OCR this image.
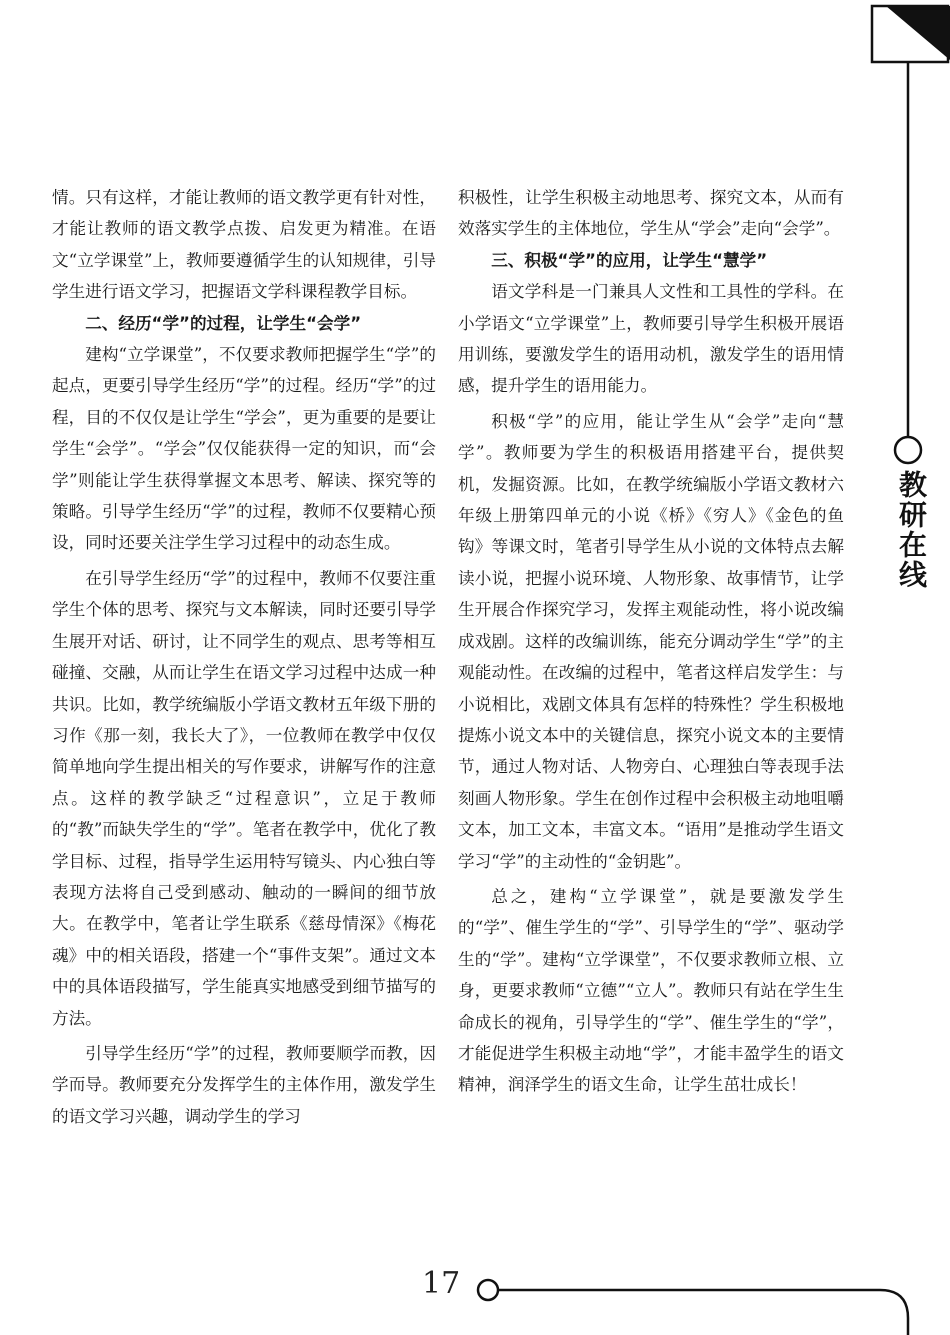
教研在线

情。只有这样，才能让教师的语文教学更有针对性，才能让教师的语文教学点拨、启发更为精准。在语文“立学课堂”上，教师要遵循学生的认知规律，引导学生进行语文学习，把握语文学科课程教学目标。

二、经历“学”的过程，让学生“会学”

建构“立学课堂”，不仅要求教师把握学生“学”的起点，更要引导学生经历“学”的过程。经历“学”的过程，目的不仅仅是让学生“学会”，更为重要的是要让学生“会学”。“学会”仅仅能获得一定的知识，而“会学”则能让学生获得掌握文本思考、解读、探究等的策略。引导学生经历“学”的过程，教师不仅要精心预设，同时还要关注学生学习过程中的动态生成。

在引导学生经历“学”的过程中，教师不仅要注重学生个体的思考、探究与文本解读，同时还要引导学生展开对话、研讨，让不同学生的观点、思考等相互碰撞、交融，从而让学生在语文学习过程中达成一种共识。比如，教学统编版小学语文教材五年级下册的习作《那一刻，我长大了》，一位教师在教学中仅仅简单地向学生提出相关的写作要求，讲解写作的注意点。这样的教学缺乏“过程意识”，立足于教师的“教”而缺失学生的“学”。笔者在教学中，优化了教学目标、过程，指导学生运用特写镜头、内心独白等表现方法将自己受到感动、触动的一瞬间的细节放大。在教学中，笔者让学生联系《慈母情深》《梅花魂》中的相关语段，搭建一个“事件支架”。通过文本中的具体语段描写，学生能真实地感受到细节描写的方法。

引导学生经历“学”的过程，教师要顺学而教，因学而导。教师要充分发挥学生的主体作用，激发学生的语文学习兴趣，调动学生的学习

积极性，让学生积极主动地思考、探究文本，从而有效落实学生的主体地位，学生从“学会”走向“会学”。

三、积极“学”的应用，让学生“慧学”

语文学科是一门兼具人文性和工具性的学科。在小学语文“立学课堂”上，教师要引导学生积极开展语用训练，要激发学生的语用动机，激发学生的语用情感，提升学生的语用能力。

积极“学”的应用，能让学生从“会学”走向“慧学”。教师要为学生的积极语用搭建平台，提供契机，发掘资源。比如，在教学统编版小学语文教材六年级上册第四单元的小说《桥》《穷人》《金色的鱼钩》等课文时，笔者引导学生从小说的文体特点去解读小说，把握小说环境、人物形象、故事情节，让学生开展合作探究学习，发挥主观能动性，将小说改编成戏剧。这样的改编训练，能充分调动学生“学”的主观能动性。在改编的过程中，笔者这样启发学生：与小说相比，戏剧文体具有怎样的特殊性？学生积极地提炼小说文本中的关键信息，探究小说文本的主要情节，通过人物对话、人物旁白、心理独白等表现手法刻画人物形象。学生在创作过程中会积极主动地咀嚼文本，加工文本，丰富文本。“语用”是推动学生语文学习“学”的主动性的“金钥匙”。

总之，建构“立学课堂”，就是要激发学生的“学”、催生学生的“学”、引导学生的“学”、驱动学生的“学”。建构“立学课堂”，不仅要求教师立根、立身，更要求教师“立德”“立人”。教师只有站在学生生命成长的视角，引导学生的“学”、催生学生的“学”，才能促进学生积极主动地“学”，才能丰盈学生的语文精神，润泽学生的语文生命，让学生茁壮成长！

17
